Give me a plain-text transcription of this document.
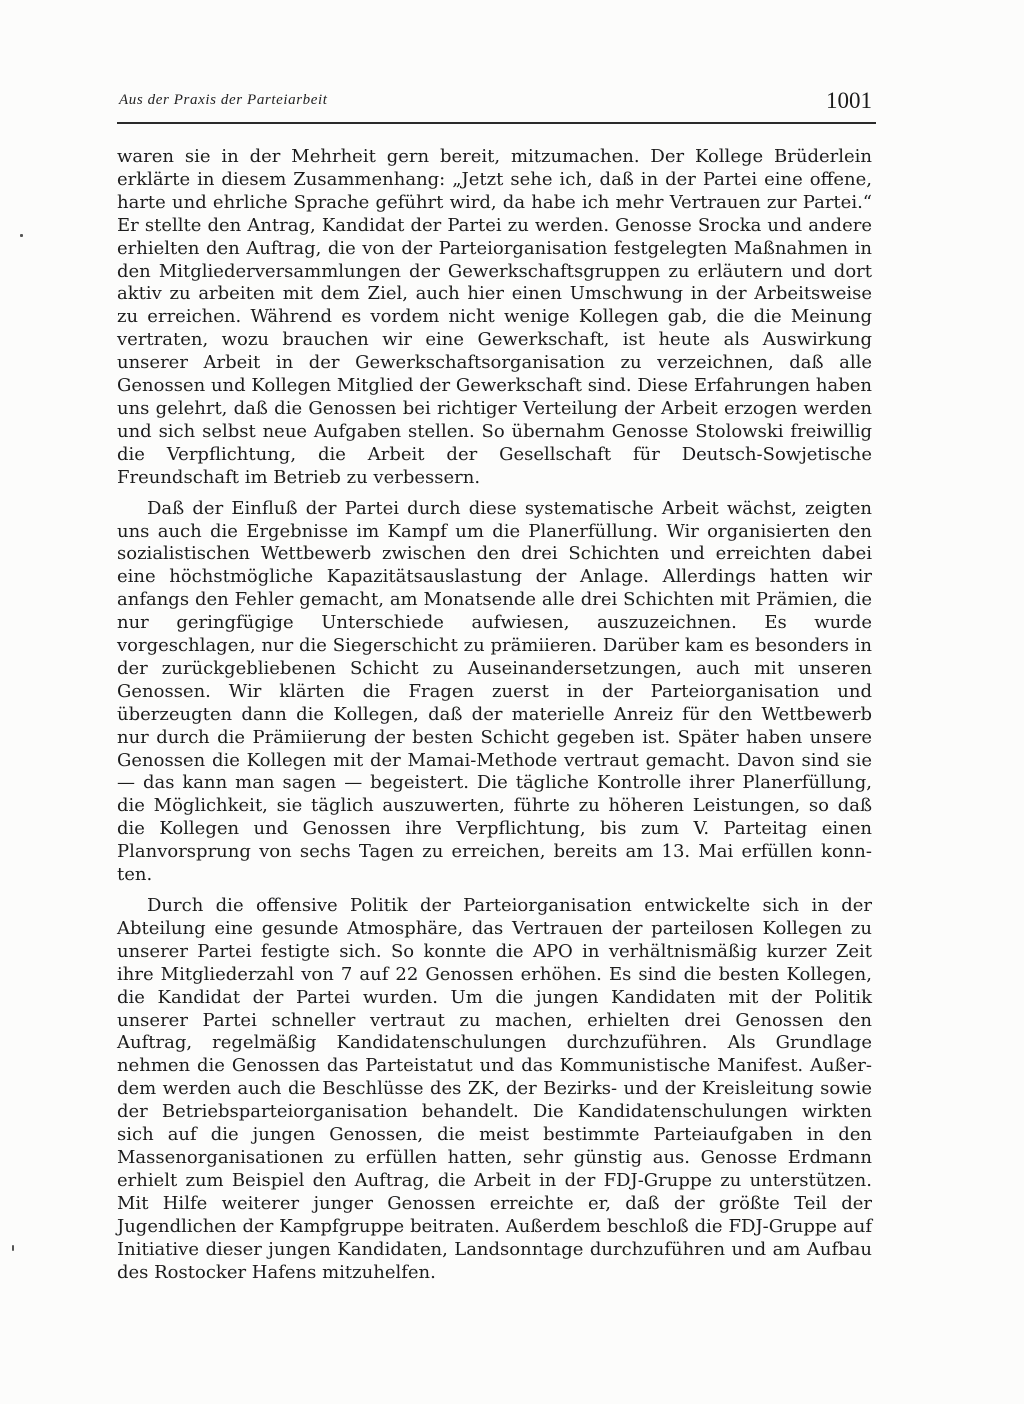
Aus der Praxis der Parteiarbeit	1001

waren sie in der Mehrheit gern bereit, mitzumachen. Der Kollege Brüderlein erklärte in diesem Zusammenhang: „Jetzt sehe ich, daß in der Partei eine offene, harte und ehrliche Sprache geführt wird, da habe ich mehr Vertrauen zur Partei.“ Er stellte den Antrag, Kandidat der Partei zu werden. Genosse Srocka und andere erhielten den Auftrag, die von der Parteiorganisation festgelegten Maßnahmen in den Mitgliederversammlungen der Gewerkschaftsgruppen zu erläutern und dort aktiv zu arbeiten mit dem Ziel, auch hier einen Umschwung in der Arbeitsweise zu erreichen. Während es vordem nicht wenige Kollegen gab, die die Meinung vertraten, wozu brauchen wir eine Gewerkschaft, ist heute als Auswirkung unserer Arbeit in der Gewerkschaftsorganisation zu verzeichnen, daß alle Genossen und Kollegen Mitglied der Gewerkschaft sind. Diese Erfahrungen haben uns gelehrt, daß die Genossen bei richtiger Verteilung der Arbeit erzogen werden und sich selbst neue Aufgaben stellen. So übernahm Genosse Stolowski freiwillig die Verpflichtung, die Arbeit der Gesellschaft für Deutsch-Sowjetische Freundschaft im Betrieb zu verbessern.

Daß der Einfluß der Partei durch diese systematische Arbeit wächst, zeigten uns auch die Ergebnisse im Kampf um die Planerfüllung. Wir organisierten den sozialistischen Wettbewerb zwischen den drei Schichten und erreichten dabei eine höchstmögliche Kapazitätsauslastung der Anlage. Allerdings hatten wir anfangs den Fehler gemacht, am Monatsende alle drei Schichten mit Prämien, die nur geringfügige Unterschiede aufwiesen, auszuzeichnen. Es wurde vorgeschlagen, nur die Siegerschicht zu prämiieren. Darüber kam es besonders in der zurückgebliebenen Schicht zu Auseinandersetzungen, auch mit unseren Genossen. Wir klärten die Fragen zuerst in der Parteiorganisation und überzeugten dann die Kollegen, daß der materielle Anreiz für den Wettbewerb nur durch die Prämiierung der besten Schicht gegeben ist. Später haben unsere Genossen die Kollegen mit der Mamai-Methode vertraut gemacht. Davon sind sie — das kann man sagen — begeistert. Die tägliche Kontrolle ihrer Planerfüllung, die Möglichkeit, sie täglich auszuwerten, führte zu höheren Leistungen, so daß die Kollegen und Genossen ihre Verpflichtung, bis zum V. Parteitag einen Planvorsprung von sechs Tagen zu erreichen, bereits am 13. Mai erfüllen konnten.

Durch die offensive Politik der Parteiorganisation entwickelte sich in der Abteilung eine gesunde Atmosphäre, das Vertrauen der parteilosen Kollegen zu unserer Partei festigte sich. So konnte die APO in verhältnismäßig kurzer Zeit ihre Mitgliederzahl von 7 auf 22 Genossen erhöhen. Es sind die besten Kollegen, die Kandidat der Partei wurden. Um die jungen Kandidaten mit der Politik unserer Partei schneller vertraut zu machen, erhielten drei Genossen den Auftrag, regelmäßig Kandidatenschulungen durchzuführen. Als Grundlage nehmen die Genossen das Parteistatut und das Kommunistische Manifest. Außerdem werden auch die Beschlüsse des ZK, der Bezirks- und der Kreisleitung sowie der Betriebsparteiorganisation behandelt. Die Kandidatenschulungen wirkten sich auf die jungen Genossen, die meist bestimmte Parteiaufgaben in den Massenorganisationen zu erfüllen hatten, sehr günstig aus. Genosse Erdmann erhielt zum Beispiel den Auftrag, die Arbeit in der FDJ-Gruppe zu unterstützen. Mit Hilfe weiterer junger Genossen erreichte er, daß der größte Teil der Jugendlichen der Kampfgruppe beitraten. Außerdem beschloß die FDJ-Gruppe auf Initiative dieser jungen Kandidaten, Landsonntage durchzuführen und am Aufbau des Rostocker Hafens mitzuhelfen.
